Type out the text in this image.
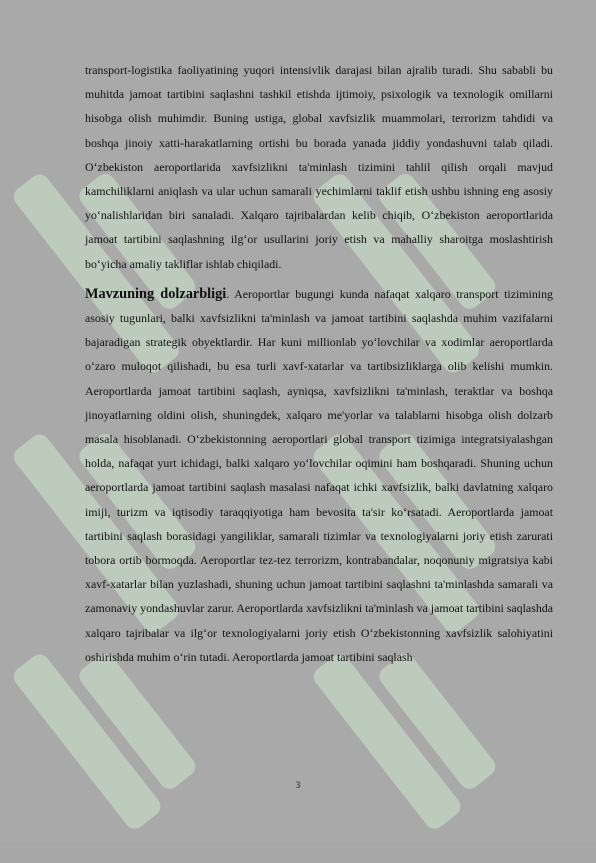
transport-logistika faoliyatining yuqori intensivlik darajasi bilan ajralib turadi. Shu sababli bu muhitda jamoat tartibini saqlashni tashkil etishda ijtimoiy, psixologik va texnologik omillarni hisobga olish muhimdir. Buning ustiga, global xavfsizlik muammolari, terrorizm tahdidi va boshqa jinoiy xatti-harakatlarning ortishi bu borada yanada jiddiy yondashuvni talab qiladi. O‘zbekiston aeroportlarida xavfsizlikni ta'minlash tizimini tahlil qilish orqali mavjud kamchiliklarni aniqlash va ular uchun samarali yechimlarni taklif etish ushbu ishning eng asosiy yo‘nalishlaridan biri sanaladi. Xalqaro tajribalardan kelib chiqib, O‘zbekiston aeroportlarida jamoat tartibini saqlashning ilg‘or usullarini joriy etish va mahalliy sharoitga moslashtirish bo‘yicha amaliy takliflar ishlab chiqiladi.

Mavzuning dolzarbligi. Aeroportlar bugungi kunda nafaqat xalqaro transport tizimining asosiy tugunlari, balki xavfsizlikni ta'minlash va jamoat tartibini saqlashda muhim vazifalarni bajaradigan strategik obyektlardir. Har kuni millionlab yo‘lovchilar va xodimlar aeroportlarda o‘zaro muloqot qilishadi, bu esa turli xavf-xatarlar va tartibsizliklarga olib kelishi mumkin. Aeroportlarda jamoat tartibini saqlash, ayniqsa, xavfsizlikni ta'minlash, teraktlar va boshqa jinoyatlarning oldini olish, shuningdek, xalqaro me'yorlar va talablarni hisobga olish dolzarb masala hisoblanadi. O‘zbekistonning aeroportlari global transport tizimiga integratsiyalashgan holda, nafaqat yurt ichidagi, balki xalqaro yo‘lovchilar oqimini ham boshqaradi. Shuning uchun aeroportlarda jamoat tartibini saqlash masalasi nafaqat ichki xavfsizlik, balki davlatning xalqaro imiji, turizm va iqtisodiy taraqqiyotiga ham bevosita ta'sir ko‘rsatadi. Aeroportlarda jamoat tartibini saqlash borasidagi yangiliklar, samarali tizimlar va texnologiyalarni joriy etish zarurati tobora ortib bormoqda. Aeroportlar tez-tez terrorizm, kontrabandalar, noqonuniy migratsiya kabi xavf-xatarlar bilan yuzlashadi, shuning uchun jamoat tartibini saqlashni ta'minlashda samarali va zamonaviy yondashuvlar zarur. Aeroportlarda xavfsizlikni ta'minlash va jamoat tartibini saqlashda xalqaro tajribalar va ilg‘or texnologiyalarni joriy etish O‘zbekistonning xavfsizlik salohiyatini oshirishda muhim o‘rin tutadi. Aeroportlarda jamoat tartibini saqlash

3
